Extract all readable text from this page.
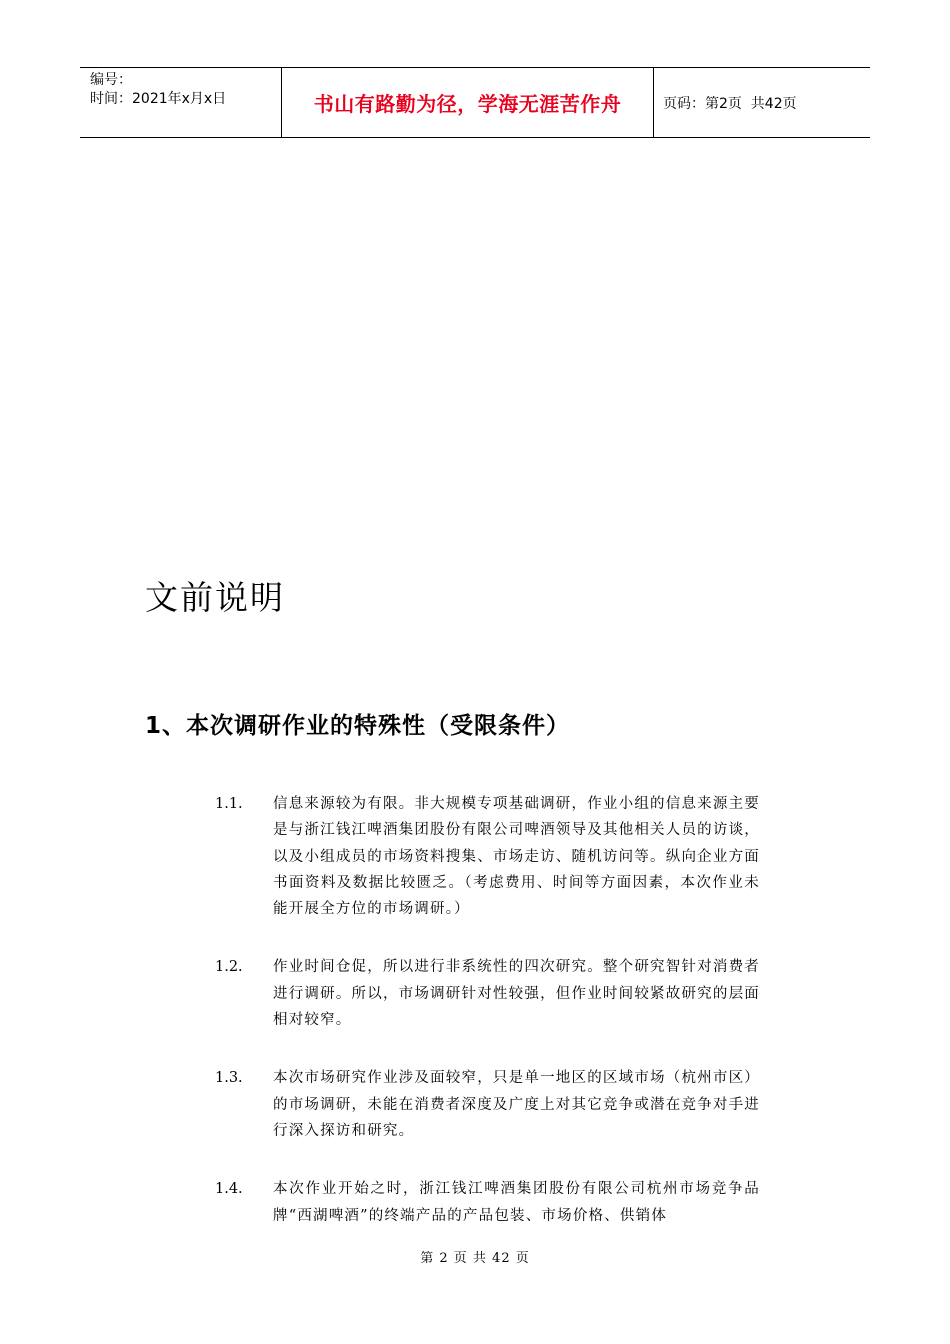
编号：
时间：2021年x月x日	书山有路勤为径，学海无涯苦作舟	页码：第2页  共42页
文前说明
1、本次调研作业的特殊性（受限条件）
1.1.	信息来源较为有限。非大规模专项基础调研，作业小组的信息来源主要是与浙江钱江啤酒集团股份有限公司啤酒领导及其他相关人员的访谈，以及小组成员的市场资料搜集、市场走访、随机访问等。纵向企业方面书面资料及数据比较匮乏。（考虑费用、时间等方面因素，本次作业未能开展全方位的市场调研。）
1.2.	作业时间仓促，所以进行非系统性的四次研究。整个研究智针对消费者进行调研。所以，市场调研针对性较强，但作业时间较紧故研究的层面相对较窄。
1.3.	本次市场研究作业涉及面较窄，只是单一地区的区域市场（杭州市区）的市场调研，未能在消费者深度及广度上对其它竞争或潜在竞争对手进行深入探访和研究。
1.4.	本次作业开始之时，浙江钱江啤酒集团股份有限公司杭州市场竞争品牌“西湖啤酒”的终端产品的产品包装、市场价格、供销体
第 2 页 共 42 页
